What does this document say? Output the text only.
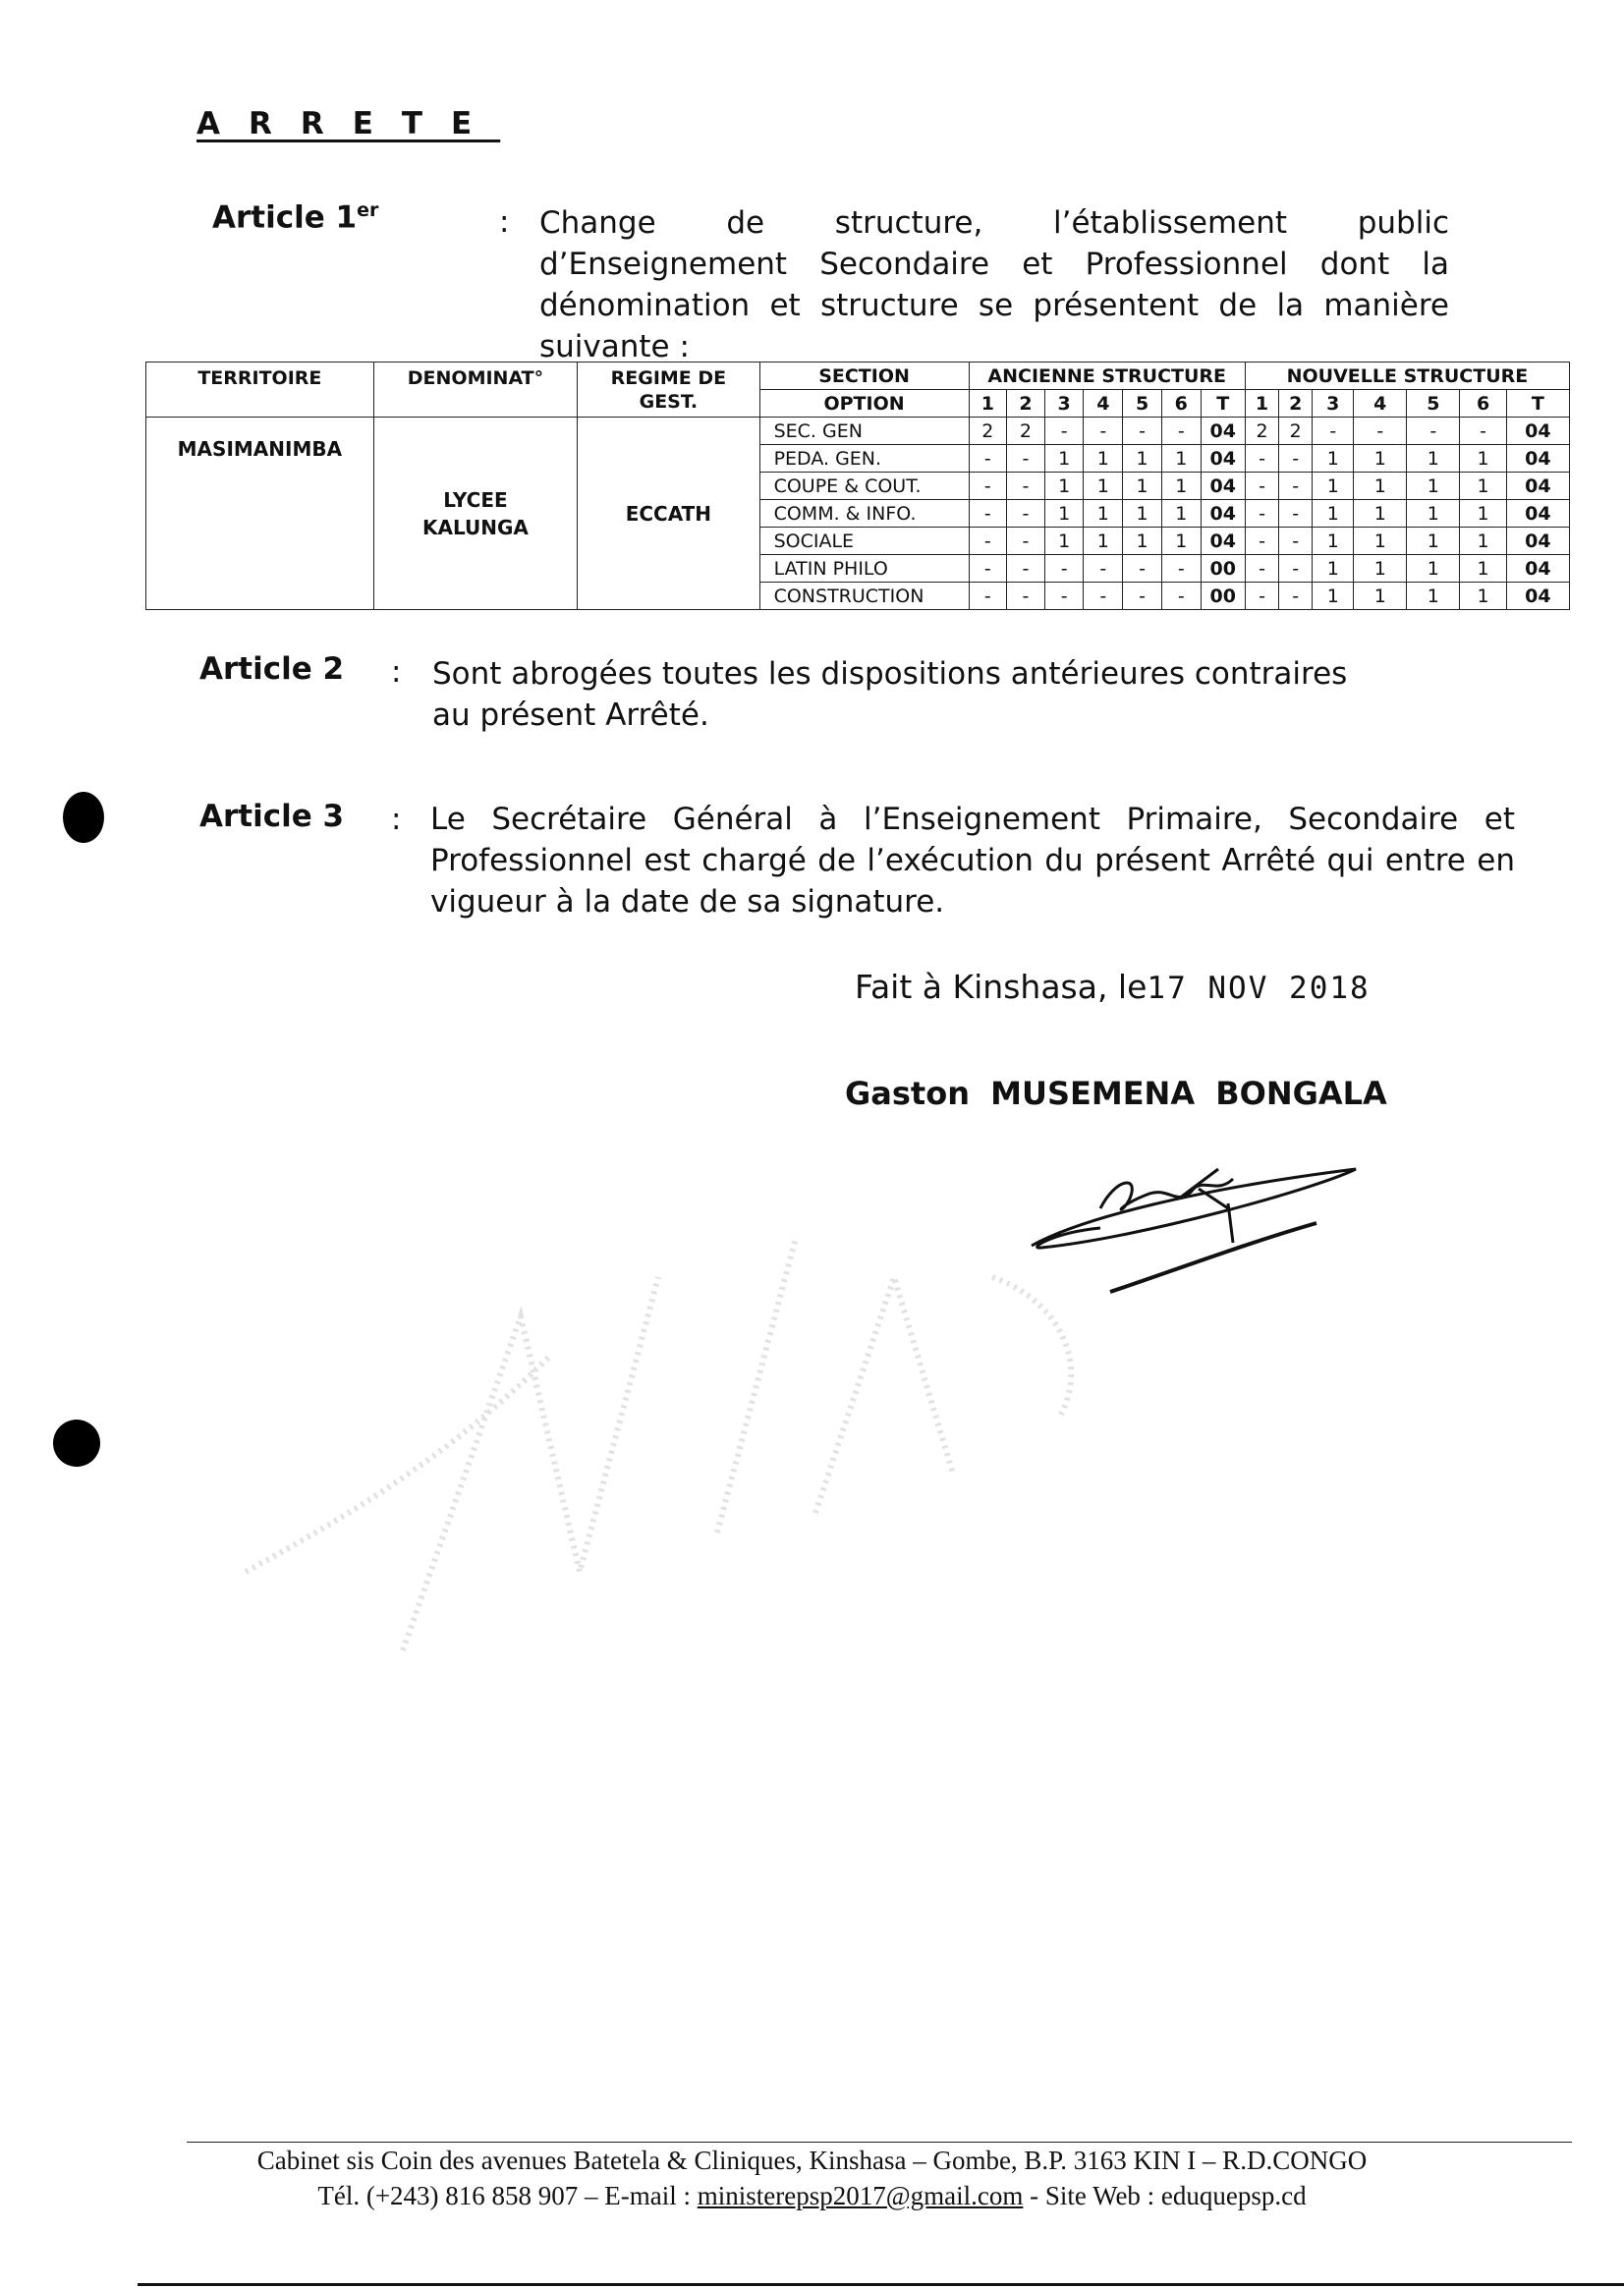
ARRETE
Article 1er	: Change de structure, l’établissement public d’Enseignement Secondaire et Professionnel dont la dénomination et structure se présentent de la manière suivante :
TERRITOIRE	DENOMINAT°	REGIME DE GEST.	SECTION	ANCIENNE STRUCTURE							NOUVELLE STRUCTURE						
			OPTION	1	2	3	4	5	6	T	1	2	3	4	5	6	T
MASIMANIMBA	LYCEE KALUNGA	ECCATH	SEC. GEN	2	2	-	-	-	-	04	2	2	-	-	-	-	04
			PEDA. GEN.	-	-	1	1	1	1	04	-	-	1	1	1	1	04
			COUPE & COUT.	-	-	1	1	1	1	04	-	-	1	1	1	1	04
			COMM. & INFO.	-	-	1	1	1	1	04	-	-	1	1	1	1	04
			SOCIALE	-	-	1	1	1	1	04	-	-	1	1	1	1	04
			LATIN PHILO	-	-	-	-	-	-	00	-	-	1	1	1	1	04
			CONSTRUCTION	-	-	-	-	-	-	00	-	-	1	1	1	1	04
Article 2 : Sont abrogées toutes les dispositions antérieures contraires au présent Arrêté.
Article 3 : Le Secrétaire Général à l’Enseignement Primaire, Secondaire et Professionnel est chargé de l’exécution du présent Arrêté qui entre en vigueur à la date de sa signature.
Fait à Kinshasa, le17 NOV 2018
Gaston MUSEMENA BONGALA
Cabinet sis Coin des avenues Batetela & Cliniques, Kinshasa – Gombe, B.P. 3163 KIN I – R.D.CONGO
Tél. (+243) 816 858 907 – E-mail : ministerepsp2017@gmail.com - Site Web : eduquepsp.cd
